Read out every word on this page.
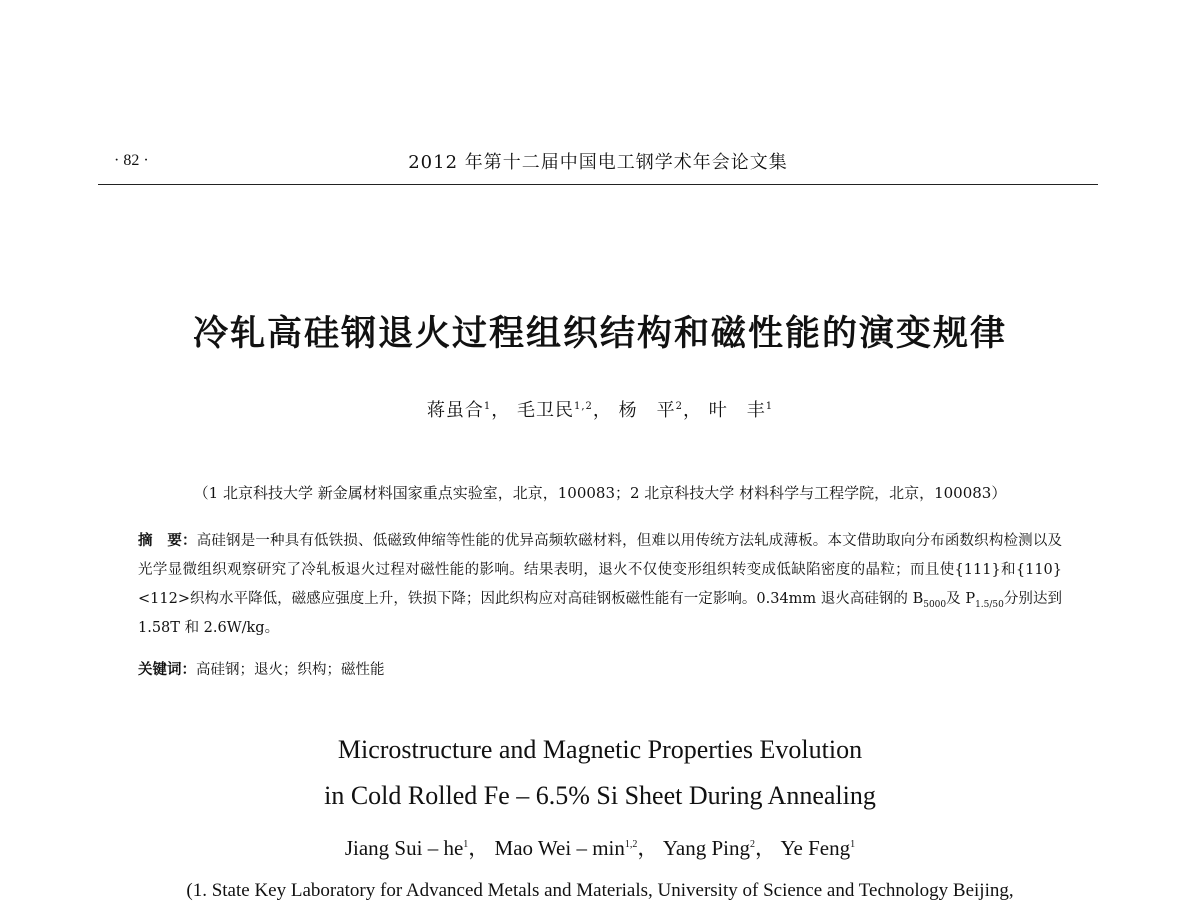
· 82 ·	2012 年第十二届中国电工钢学术年会论文集
冷轧高硅钢退火过程组织结构和磁性能的演变规律
蒋虽合$^1$， 毛卫民$^{1,2}$， 杨　平$^2$， 叶　丰$^1$
（1 北京科技大学 新金属材料国家重点实验室，北京，100083；2 北京科技大学 材料科学与工程学院，北京，100083）
摘　要：高硅钢是一种具有低铁损、低磁致伸缩等性能的优异高频软磁材料，但难以用传统方法轧成薄板。本文借助取向分布函数织构检测以及光学显微组织观察研究了冷轧板退火过程对磁性能的影响。结果表明，退火不仅使变形组织转变成低缺陷密度的晶粒；而且使{111}和{110}<112>织构水平降低，磁感应强度上升，铁损下降；因此织构应对高硅钢板磁性能有一定影响。0.34mm 退火高硅钢的 $B_{5000}$及 $P_{1.5/50}$分别达到 1.58T 和 2.6W/kg。
关键词：高硅钢；退火；织构；磁性能
Microstructure and Magnetic Properties Evolution
in Cold Rolled Fe – 6.5% Si Sheet During Annealing
Jiang Sui – $he^1$， Mao Wei – $\min^{1,2}$， Yang Ping$^2$， Ye Feng$^1$
(1. State Key Laboratory for Advanced Metals and Materials, University of Science and Technology Beijing,
